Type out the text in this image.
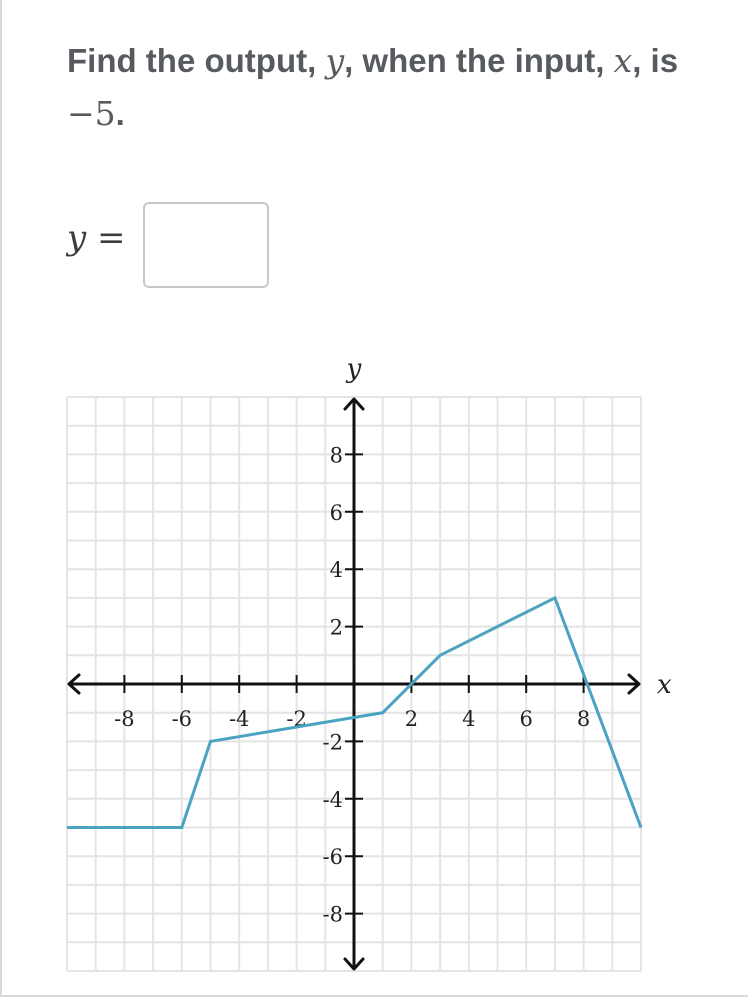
Find the output, y, when the input, x, is −5.
y =
x
y
-8 -6 -4 -2	2 4 6 8
8
6
4
2
-2
-4
-6
-8
